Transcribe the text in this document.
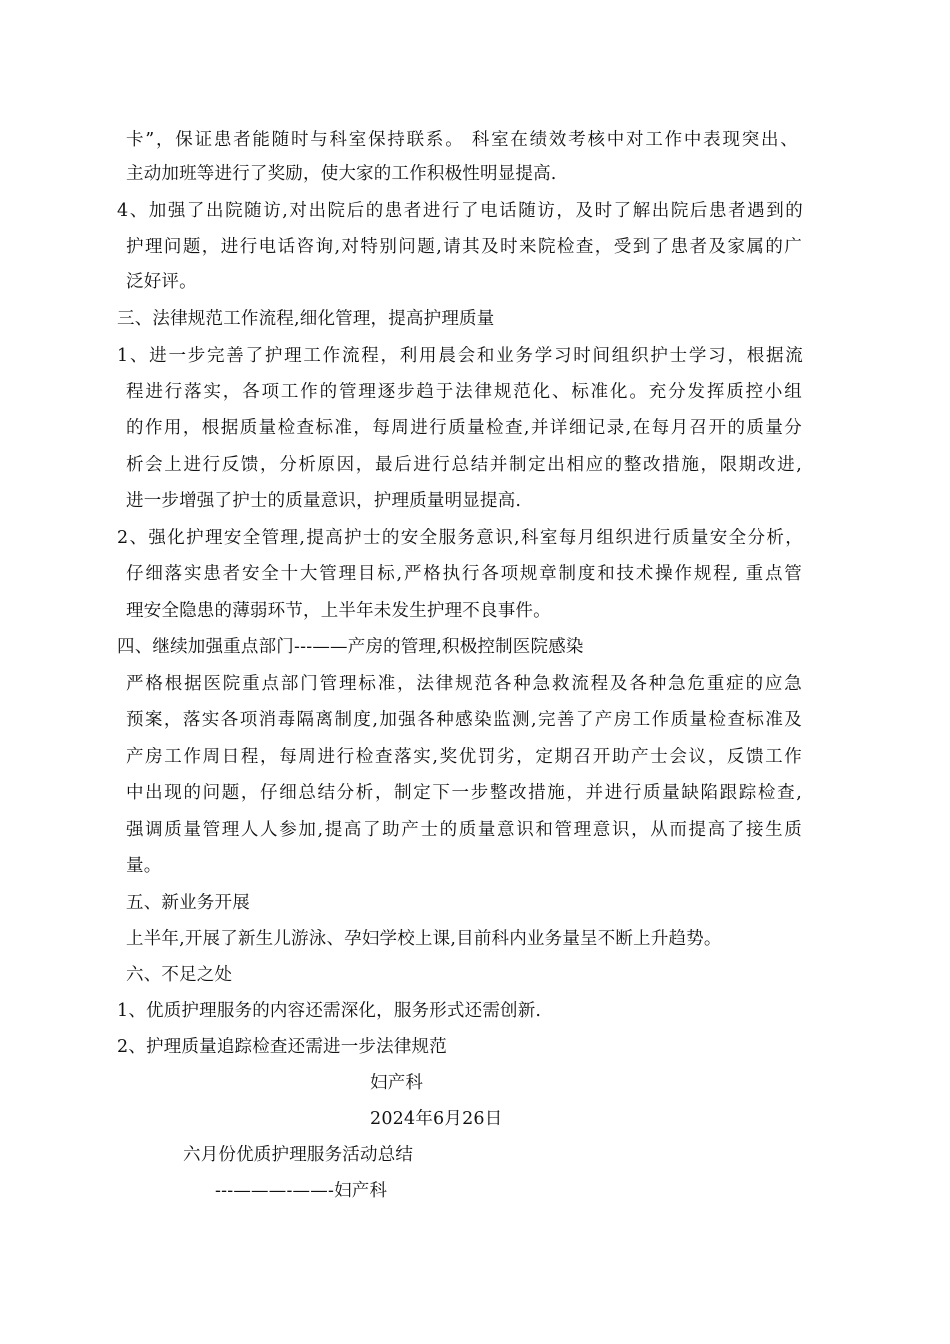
卡”，保证患者能随时与科室保持联系。 科室在绩效考核中对工作中表现突出、
主动加班等进行了奖励，使大家的工作积极性明显提高.
4、加强了出院随访,对出院后的患者进行了电话随访，及时了解出院后患者遇到的
护理问题，进行电话咨询,对特别问题,请其及时来院检查，受到了患者及家属的广
泛好评。
三、法律规范工作流程,细化管理，提高护理质量
1、进一步完善了护理工作流程，利用晨会和业务学习时间组织护士学习，根据流
程进行落实，各项工作的管理逐步趋于法律规范化、标准化。充分发挥质控小组
的作用，根据质量检查标准，每周进行质量检查,并详细记录,在每月召开的质量分
析会上进行反馈，分析原因，最后进行总结并制定出相应的整改措施，限期改进,
进一步增强了护士的质量意识，护理质量明显提高.
2、强化护理安全管理,提高护士的安全服务意识,科室每月组织进行质量安全分析，
仔细落实患者安全十大管理目标,严格执行各项规章制度和技术操作规程, 重点管
理安全隐患的薄弱环节，上半年未发生护理不良事件。
四、继续加强重点部门---——产房的管理,积极控制医院感染
严格根据医院重点部门管理标准，法律规范各种急救流程及各种急危重症的应急
预案，落实各项消毒隔离制度,加强各种感染监测,完善了产房工作质量检查标准及
产房工作周日程，每周进行检查落实,奖优罚劣，定期召开助产士会议，反馈工作
中出现的问题，仔细总结分析，制定下一步整改措施，并进行质量缺陷跟踪检查,
强调质量管理人人参加,提高了助产士的质量意识和管理意识，从而提高了接生质
量。
五、新业务开展
上半年,开展了新生儿游泳、孕妇学校上课,目前科内业务量呈不断上升趋势。
六、不足之处
1、优质护理服务的内容还需深化，服务形式还需创新.
2、护理质量追踪检查还需进一步法律规范
妇产科
2024年6月26日
六月份优质护理服务活动总结
---———-——-妇产科
